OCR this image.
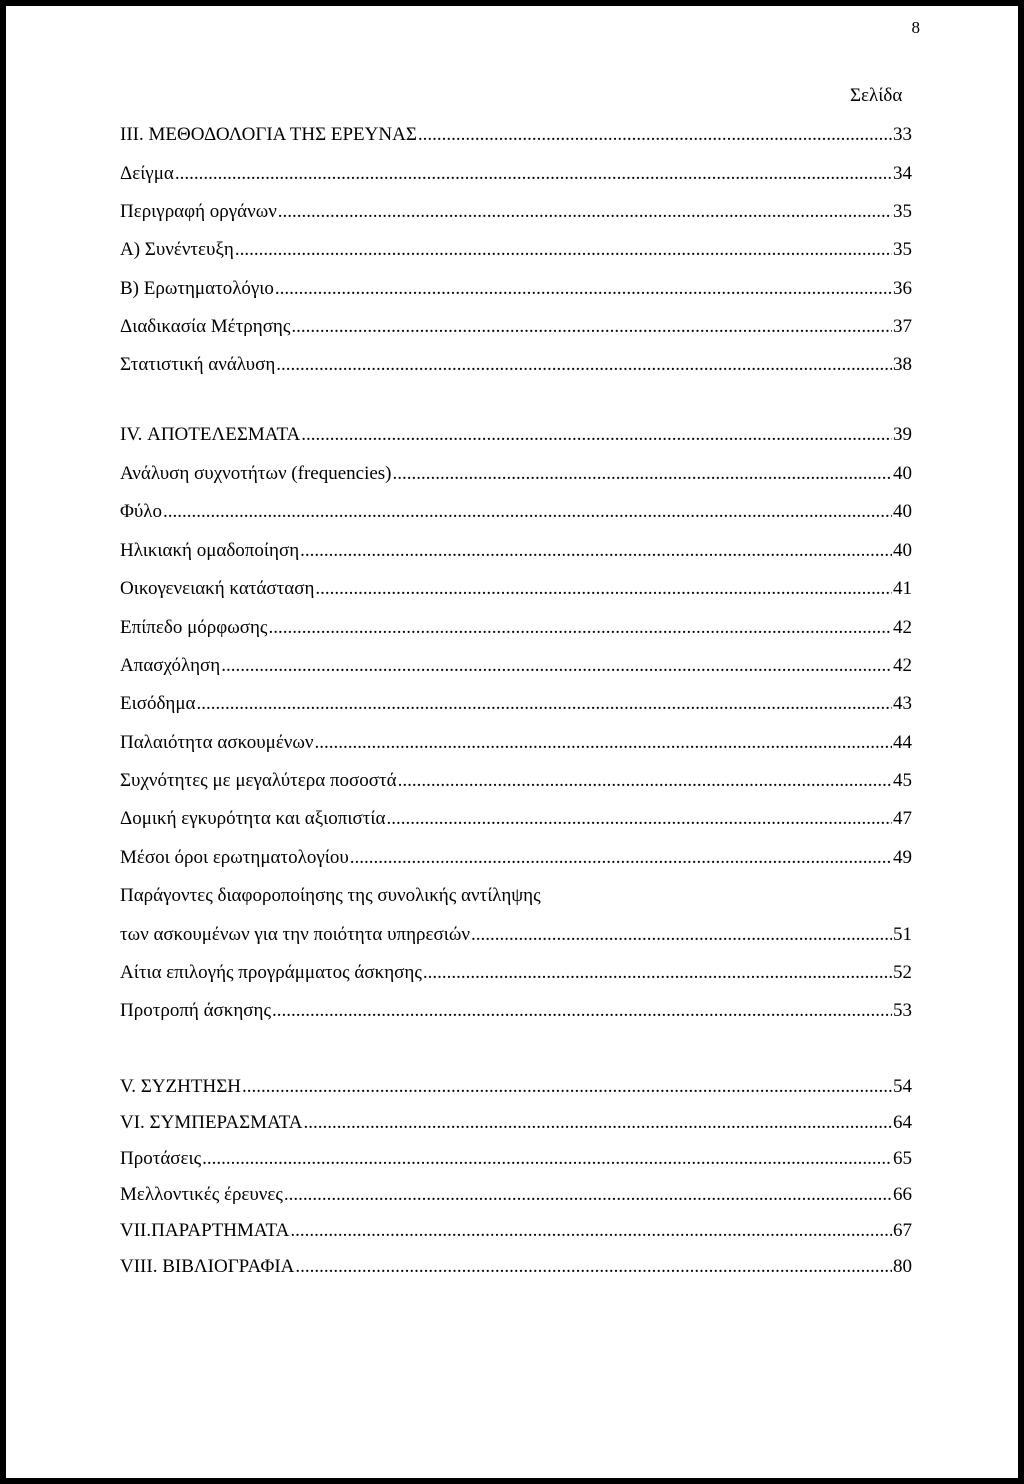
8
Σελίδα
III. ΜΕΘΟΔΟΛΟΓΙΑ ΤΗΣ ΕΡΕΥΝΑΣ .....	33
Δείγμα .....	34
Περιγραφή οργάνων .....	35
Α) Συνέντευξη .....	35
Β) Ερωτηματολόγιο .....	36
Διαδικασία Μέτρησης .....	37
Στατιστική ανάλυση .....	38
IV. ΑΠΟΤΕΛΕΣΜΑΤΑ .....	39
Ανάλυση συχνοτήτων (frequencies) .....	40
Φύλο .....	40
Ηλικιακή ομαδοποίηση .....	40
Οικογενειακή κατάσταση .....	41
Επίπεδο μόρφωσης .....	42
Απασχόληση .....	42
Εισόδημα .....	43
Παλαιότητα ασκουμένων .....	44
Συχνότητες με μεγαλύτερα ποσοστά .....	45
Δομική εγκυρότητα και αξιοπιστία .....	47
Μέσοι όροι ερωτηματολογίου .....	49
Παράγοντες διαφοροποίησης της συνολικής αντίληψης
των ασκουμένων για την ποιότητα υπηρεσιών .....	51
Αίτια επιλογής προγράμματος άσκησης .....	52
Προτροπή άσκησης .....	53
V. ΣΥΖΗΤΗΣΗ .....	54
VI. ΣΥΜΠΕΡΑΣΜΑΤΑ .....	64
Προτάσεις .....	65
Μελλοντικές έρευνες .....	66
VII.ΠΑΡΑΡΤΗΜΑΤΑ .....	67
VIII. ΒΙΒΛΙΟΓΡΑΦΙΑ .....	80
